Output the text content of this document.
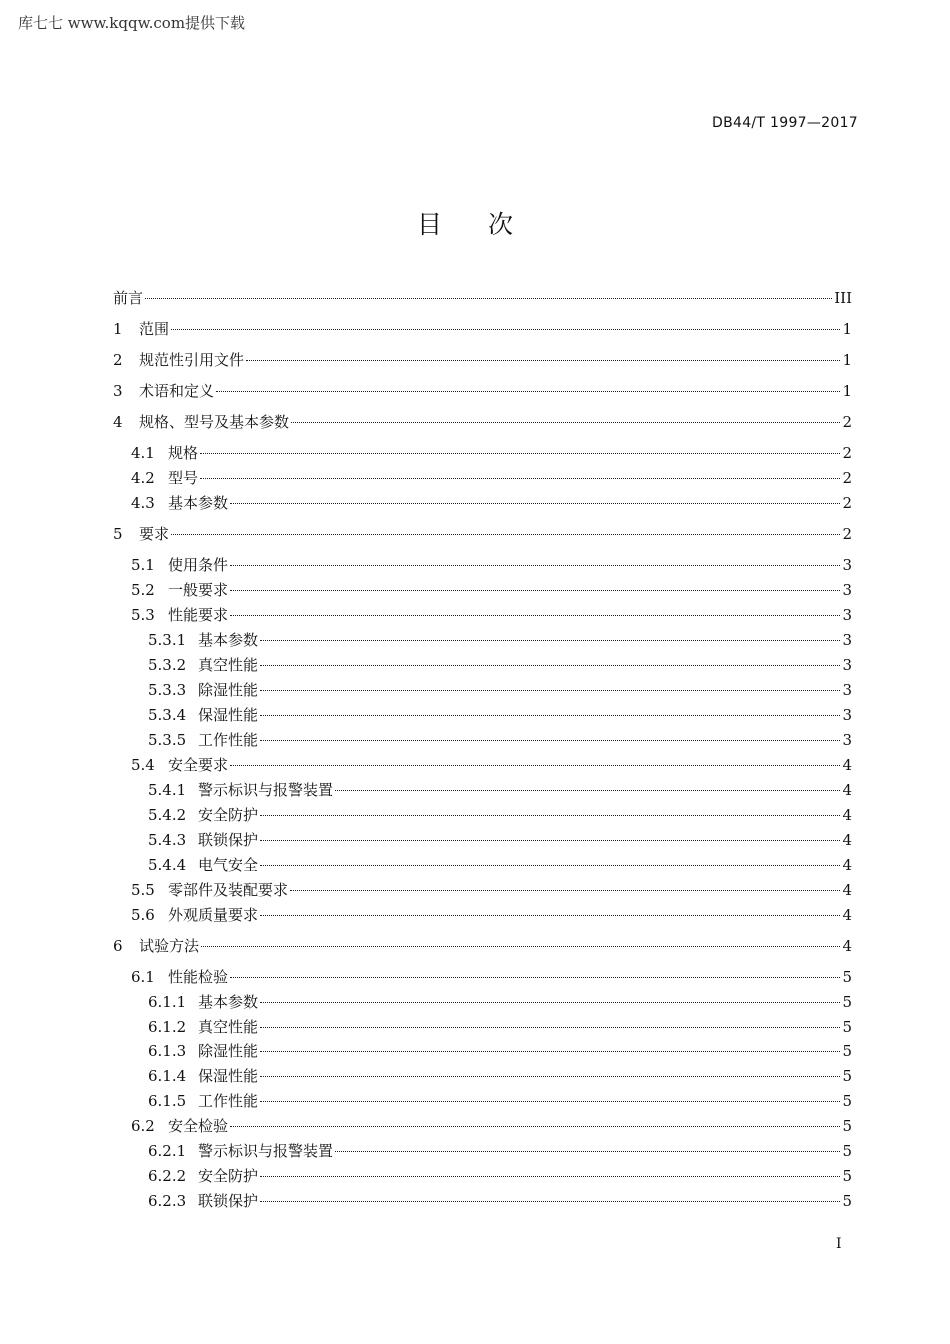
库七七 www.kqqw.com提供下载
DB44/T 1997—2017
目次
前言	III
1	范围	1
2	规范性引用文件	1
3	术语和定义	1
4	规格、型号及基本参数	2
4.1 规格	2
4.2 型号	2
4.3 基本参数	2
5	要求	2
5.1 使用条件	3
5.2 一般要求	3
5.3 性能要求	3
5.3.1 基本参数	3
5.3.2 真空性能	3
5.3.3 除湿性能	3
5.3.4 保湿性能	3
5.3.5 工作性能	3
5.4 安全要求	4
5.4.1 警示标识与报警装置	4
5.4.2 安全防护	4
5.4.3 联锁保护	4
5.4.4 电气安全	4
5.5 零部件及装配要求	4
5.6 外观质量要求	4
6	试验方法	4
6.1 性能检验	5
6.1.1 基本参数	5
6.1.2 真空性能	5
6.1.3 除湿性能	5
6.1.4 保湿性能	5
6.1.5 工作性能	5
6.2 安全检验	5
6.2.1 警示标识与报警装置	5
6.2.2 安全防护	5
6.2.3 联锁保护	5
I
